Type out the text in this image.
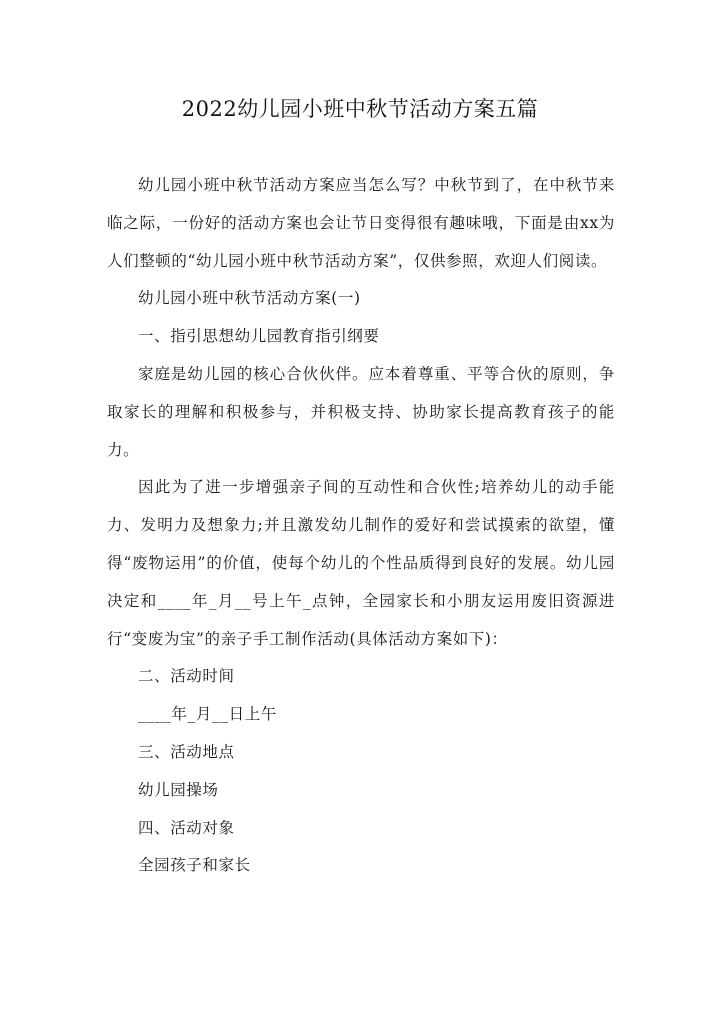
2022幼儿园小班中秋节活动方案五篇

幼儿园小班中秋节活动方案应当怎么写？中秋节到了，在中秋节来临之际，一份好的活动方案也会让节日变得很有趣味哦，下面是由xx为人们整顿的“幼儿园小班中秋节活动方案”，仅供参照，欢迎人们阅读。

幼儿园小班中秋节活动方案(一)

一、指引思想幼儿园教育指引纲要

家庭是幼儿园的核心合伙伙伴。应本着尊重、平等合伙的原则，争取家长的理解和积极参与，并积极支持、协助家长提高教育孩子的能力。

因此为了进一步增强亲子间的互动性和合伙性;培养幼儿的动手能力、发明力及想象力;并且激发幼儿制作的爱好和尝试摸索的欲望，懂得“废物运用”的价值，使每个幼儿的个性品质得到良好的发展。幼儿园决定和____年_月__号上午_点钟，全园家长和小朋友运用废旧资源进行“变废为宝”的亲子手工制作活动(具体活动方案如下)：

二、活动时间

____年_月__日上午

三、活动地点

幼儿园操场

四、活动对象

全园孩子和家长
